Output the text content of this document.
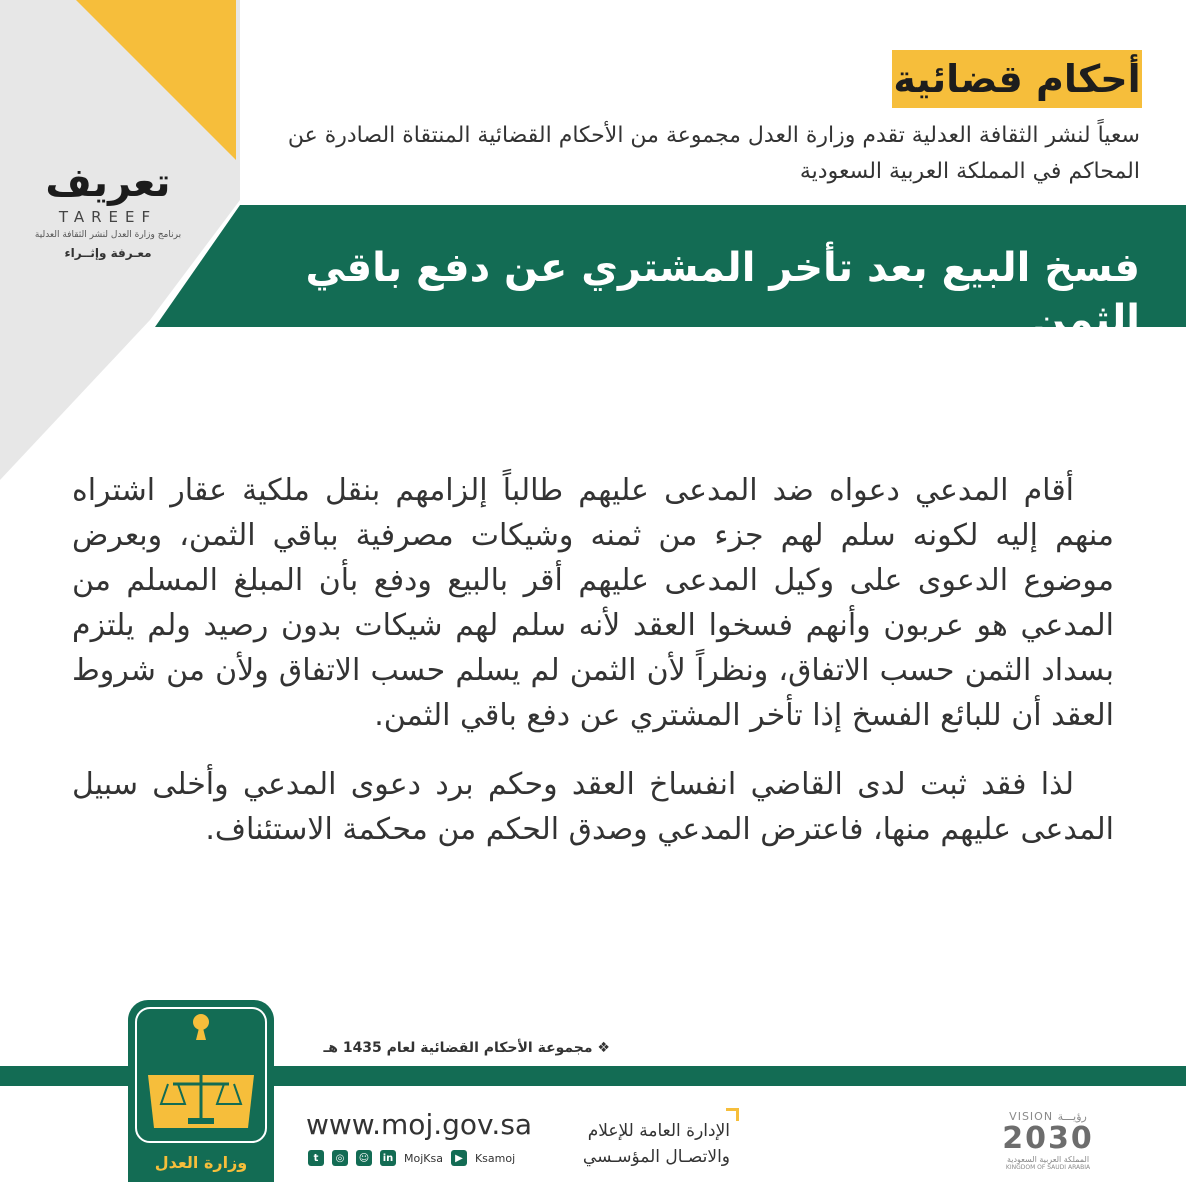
أحكام قضائية
سعياً لنشر الثقافة العدلية تقدم وزارة العدل مجموعة من الأحكام القضائية المنتقاة الصادرة عن المحاكم في المملكة العربية السعودية
فسخ البيع بعد تأخر المشتري عن دفع باقي الثمن
تعريف
TAREEF
برنامج وزارة العدل لنشر الثقافة العدلية
معـرفة وإثــراء

أقام المدعي دعواه ضد المدعى عليهم طالباً إلزامهم بنقل ملكية عقار اشتراه منهم إليه لكونه سلم لهم جزء من ثمنه وشيكات مصرفية بباقي الثمن، وبعرض موضوع الدعوى على وكيل المدعى عليهم أقر بالبيع ودفع بأن المبلغ المسلم من المدعي هو عربون وأنهم فسخوا العقد لأنه سلم لهم شيكات بدون رصيد ولم يلتزم بسداد الثمن حسب الاتفاق، ونظراً لأن الثمن لم يسلم حسب الاتفاق ولأن من شروط العقد أن للبائع الفسخ إذا تأخر المشتري عن دفع باقي الثمن.

لذا فقد ثبت لدى القاضي انفساخ العقد وحكم برد دعوى المدعي وأخلى سبيل المدعى عليهم منها، فاعترض المدعي وصدق الحكم من محكمة الاستئناف.

❖ مجموعة الأحكام القضائية لعام 1435 هـ
وزارة العدل
www.moj.gov.sa
t	◎	☺ in MojKsa	▶	Ksamoj
الإدارة العامة للإعلام والاتصـال المؤسـسي
VISION رؤيـــة
2030
المملكة العربية السعودية
KINGDOM OF SAUDI ARABIA
